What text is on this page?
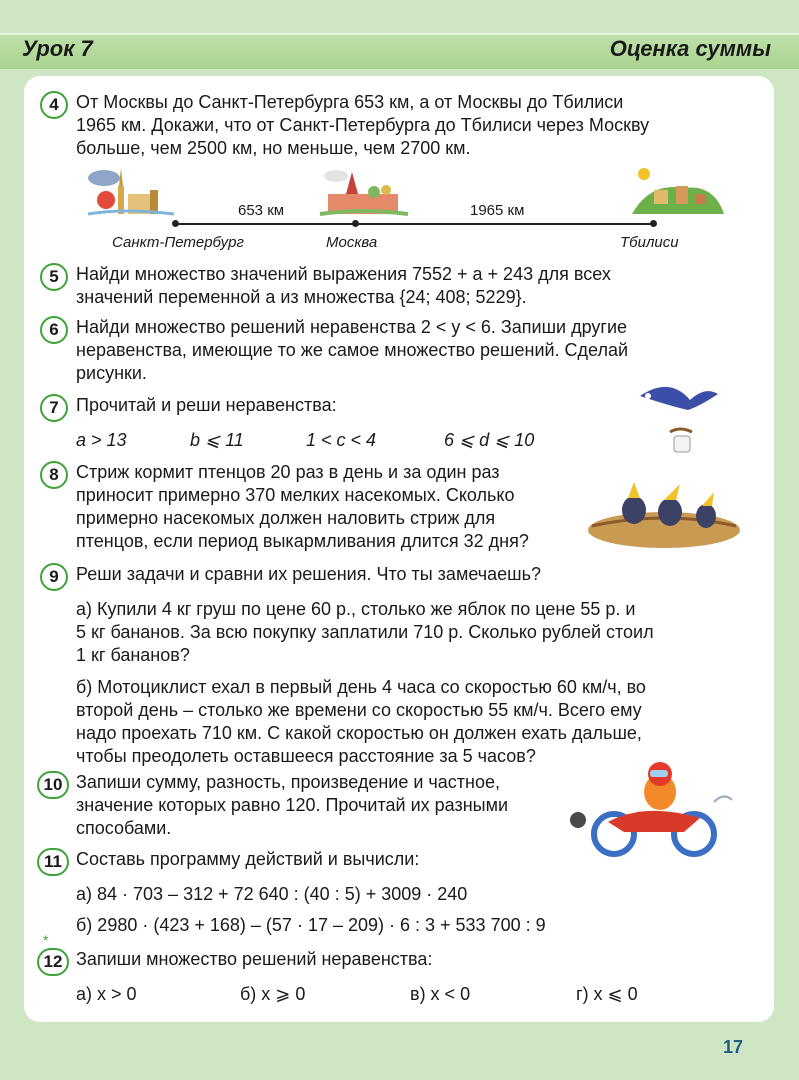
Урок 7	Оценка суммы
4 От Москвы до Санкт-Петербурга 653 км, а от Москвы до Тбилиси
1965 км. Докажи, что от Санкт-Петербурга до Тбилиси через Москву
больше, чем 2500 км, но меньше, чем 2700 км.
653 км	1965 км
Санкт-Петербург	Москва	Тбилиси
5 Найди множество значений выражения 7552 + a + 243 для всех
значений переменной a из множества {24; 408; 5229}.
6 Найди множество решений неравенства 2 < y < 6. Запиши другие
неравенства, имеющие то же самое множество решений. Сделай
рисунки.
7 Прочитай и реши неравенства:
a > 13	b ⩽ 11	1 < c < 4	6 ⩽ d ⩽ 10
8 Стриж кормит птенцов 20 раз в день и за один раз
приносит примерно 370 мелких насекомых. Сколько
примерно насекомых должен наловить стриж для
птенцов, если период выкармливания длится 32 дня?
9 Реши задачи и сравни их решения. Что ты замечаешь?
а) Купили 4 кг груш по цене 60 р., столько же яблок по цене 55 р. и
5 кг бананов. За всю покупку заплатили 710 р. Сколько рублей стоил
1 кг бананов?
б) Мотоциклист ехал в первый день 4 часа со скоростью 60 км/ч, во
второй день – столько же времени со скоростью 55 км/ч. Всего ему
надо проехать 710 км. С какой скоростью он должен ехать дальше,
чтобы преодолеть оставшееся расстояние за 5 часов?
10 Запиши сумму, разность, произведение и частное,
значение которых равно 120. Прочитай их разными
способами.
11 Составь программу действий и вычисли:
а) 84 · 703 – 312 + 72 640 : (40 : 5) + 3009 · 240
б) 2980 · (423 + 168) – (57 · 17 – 209) · 6 : 3 + 533 700 : 9
12 Запиши множество решений неравенства:
а) x > 0	б) x ⩾ 0	в) x < 0	г) x ⩽ 0
*
17
